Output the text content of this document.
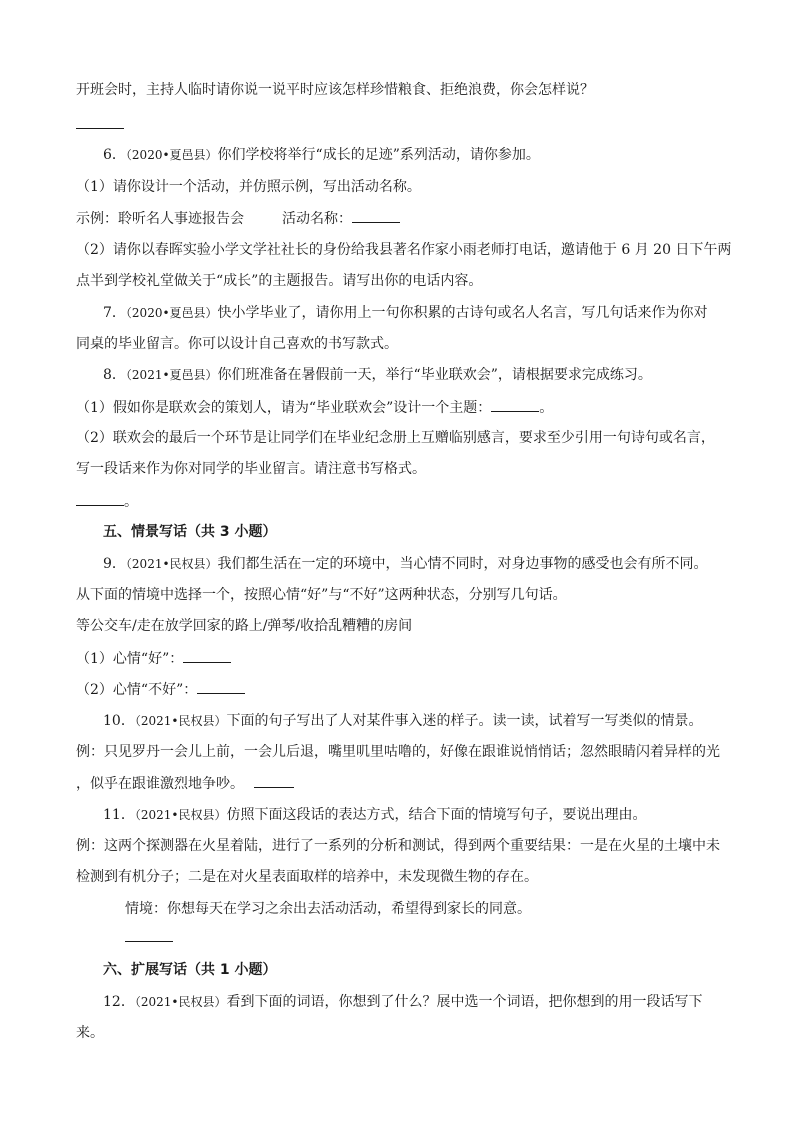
开班会时，主持人临时请你说一说平时应该怎样珍惜粮食、拒绝浪费，你会怎样说？
6．（2020•夏邑县）你们学校将举行“成长的足迹”系列活动，请你参加。
（1）请你设计一个活动，并仿照示例，写出活动名称。
示例：聆听名人事迹报告会	活动名称：
（2）请你以春晖实验小学文学社社长的身份给我县著名作家小雨老师打电话，邀请他于 6 月 20 日下午两
点半到学校礼堂做关于“成长”的主题报告。请写出你的电话内容。
7．（2020•夏邑县）快小学毕业了，请你用上一句你积累的古诗句或名人名言，写几句话来作为你对
同桌的毕业留言。你可以设计自己喜欢的书写款式。
8．（2021•夏邑县）你们班准备在暑假前一天，举行“毕业联欢会”，请根据要求完成练习。
（1）假如你是联欢会的策划人，请为“毕业联欢会”设计一个主题：	。
（2）联欢会的最后一个环节是让同学们在毕业纪念册上互赠临别感言，要求至少引用一句诗句或名言，
写一段话来作为你对同学的毕业留言。请注意书写格式。
。
五、情景写话（共 3 小题）
9．（2021•民权县）我们都生活在一定的环境中，当心情不同时，对身边事物的感受也会有所不同。
从下面的情境中选择一个，按照心情“好”与“不好”这两种状态，分别写几句话。
等公交车/走在放学回家的路上/弹琴/收拾乱糟糟的房间
（1）心情“好”：
（2）心情“不好”：
10．（2021•民权县）下面的句子写出了人对某件事入迷的样子。读一读，试着写一写类似的情景。
例：只见罗丹一会儿上前，一会儿后退，嘴里叽里咕噜的，好像在跟谁说悄悄话；忽然眼睛闪着异样的光
，似乎在跟谁激烈地争吵。
11．（2021•民权县）仿照下面这段话的表达方式，结合下面的情境写句子，要说出理由。
例：这两个探测器在火星着陆，进行了一系列的分析和测试，得到两个重要结果：一是在火星的土壤中未
检测到有机分子；二是在对火星表面取样的培养中，未发现微生物的存在。
情境：你想每天在学习之余出去活动活动，希望得到家长的同意。
六、扩展写话（共 1 小题）
12．（2021•民权县）看到下面的词语，你想到了什么？展中选一个词语，把你想到的用一段话写下
来。
